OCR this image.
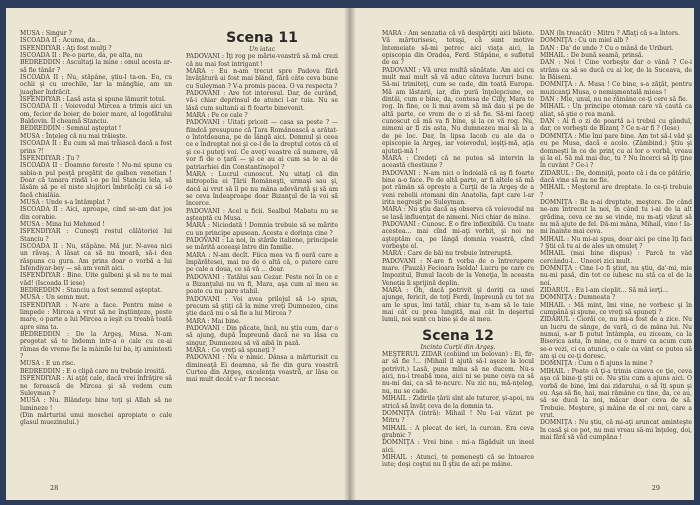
MUSA : Singur ?

ISCOADA II : Acuma, da...

ISFENDIYAR : Aţi fost mulţi ?

ISCOADA II : Pe-o parte, da, pe alta, nu

BEDREDDIN : Ascultaţi la mine : omul acesta ar-să fie tânăr ?

ISCOADA II : Nu, stăpâne, ştiu-l ta-on. Eu, cu ochii şi cu urechile, lar la mânghie, am un juagher îndrăcit.

ISFENDIYAR : Lasă asta şi spune lămurit totul.

ISCOADA II : Voievodul Mircea a trimis aici un om, fecior de boier, de boier mare, al logofătului Baldovin. Îl cheamă Stanciu.

BEDREDDIN : Semnul aşteptat !

MUSA : Înţeleg că nu mai trăieşte.

ISCOADA II : Eu cum să mai trăiască dacă a fost prins ?!

ISFENDIYAR : Ţu ?

ISCOADA II : Doamne fereste ! Nu-mi spune cu sabia-n pul pesţă pregătit de galben venetian ! Doar că tanara rindă i-o pe lui Stanciu lela, să lăsăm să pe el niste slujitori îmbrăcăţi ca să i-o facă chialâia.

MUSA : Unde s-a întâmplat ?

ISCOADA II : Aici, aproape, cind se-am dat jos din corabie.

MUSA : Mina lui Mehmed !

ISFENDIYAR : Cunoşti rostul călătoriei lui Stanciu ?

ISCOADA II : Nu, stăpâne. Mă jur. N-avea nici un răvaş. A lăsat ca să nu moară, să-i dea răspuns cu gura. Am prins doar o vorbă a lui Isfendiyar-bey — să am venit aici.

ISFENDIYAR : Bine. Uite galbeni şi să nu te mai văd! (Iscoada II iese)

BEDREDDIN : Stanciu a fost semnul aşteptat.

MUSA : Un semn mut.

ISFENDIYAR : N-are a face. Pentru mine e limpede : Mircea a vrut să ne înştiinţeze, peste mare, o parte a lui Mircea a ieşit cu treabă toată apre sina ta.

BEDREDDIN : De la Argeş, Musa. N-am pregetat să te îndemn intr-a o cale cu ce-ai rămas de vreme fie la mâinile lui ba, iţi amintesti ?

MUSA : E un risc.

BEDREDDIN : E o clipă care nu trebuie irosită.

ISFENDIYAR : Ai aţâţ cale, dacă vrei înfrăţire să ne ferească de Mircea şi să vedem cum Suleyman ?

MUSA : Nu. Blândeţe bine toţi şi Allah să ne lumineze !

(Din mărturisi unui moschei apropiate o cale glasul muezinului.)

Scena 11

Un iatac

PADOVANI : Îţi rog pe mărie-voastră să mă crezi că nu mai fost intrigant !

MARA : Eu n-am trecut spre Padova fără învăţătură ai fost mai blând, fără câte ceva bune cu Suleyman ? V-a promis pacea. O va respecta ?

PADOVANI : Are tot interesul. Dar, de curând, vă-i chiar deprinsul de atunci i-ar tuia. Nu se lăsă cum sultanii ai fi foarte binevenit.

MARA : Pe ce cale ?

PADOVANI : Uitați priceit — casa sa peste ? — fiindcă presupune că Ţara Românească a arătat-o întotdeauna, pe de lângă aici. Domnul şi ceea ce e îndreptat noi şi ce-l de la dreptul cotos că el şi ce-i puteţi voi. Ce aveţi voastre că numere, vă vor fi de o ţară — şi ce au ai cum sa le ai de patriarhiei din Constantinopol ?

MARA : Lucrul cunoscut. Nu uitaţi că din mitropolia ei Ţării Româneşti, urmaşi sau şi, dacă ai vrut să îl pe nu mâna adevărată şi să am se ceva îndeaproape doar Bizanţul de la voi să încerce.

PADOVANI : Acel u ficii. Sealbul Mabatu nu se aşteaptă cu Musa.

MARA : Niciodată ! Domnia trebuie să se mărite cu un principe apusean. Acesta e dorinţa cine ?

PADOVANI : La noi, în stările italiene, principele se mărită aceeaşi între din familie.

MARA : N-am decît. Fiica mea va fi oară care a împărătesei, mai nu de o altă că, o putere care pe cale a doua, ce să vă ... doar.

PADOVANI : Tatălui sau Cezar. Peste noi în ce e a Bizanţului nu va fi, Mara, aşa cum al meu se poate cu nu pare stabil.

PADOVANI : Voi avea prilejul să i-o spun, precum să ştiţi că la mine vreţi Dumnezeu, cine ştie dacă nu o să fie a lui Mircea ?

MARA : Mai bine.

PADOVANI : Din păcate, încă, nu ştiu cum, dar o să ajung, după împreună dacă ne va lăsa cu singur, Dumnezeu să vă aibă în pază.

MARA : Ce vreţi să spuneţi ?

PADOVANI : Nu e nimic. Dânsa a mărturisit cu dimineaţă Ei doamna, să fie din gura voastră Curtea din Argeş, excelenţa voastră, ar lăsa ce mai mult decât v-ar fi necesar.

28

MARA : Am senzatia că vă despărţiţi aici băiete. Vă mărturisesc, totuşi, că sunt motive întemeiate să-mi petrec aici viaţa aici, la episcopia din Oradea, Ferd. Stăpâne, e sufletul de ea ?

PADOVANI : Vă urez multă sănătate. Am aici cu mult mai mult să vă aduc câteva lucruri bune. Să-mi trimiteţi, cum se cade, din toată Europa. Mă am lăstarii, iar, din pură înţelepciune, eu dintâi, cum e bine, da, contesa de Cilly, Mara te rog. In fine, ce li mai avem să mă dau şi pe de altă parte, ce vrem de o zi să fie. Să-mi faceţi cunoscut că mă va fi bine, şi la ce vă rog. Nu, nimeni ar fi zis asta, Nu dumnezeu mai să ia a de pe loc. Dar, în lipsa Iacob cu ale da o episcopie la Argeş, iar voievodul, ieşiţi-mă, aţia ajutaţi-mă !

MARA : Credeţi că ne putea să intervin la această chestiune ?

PADOVANI : N-am nici o îndoială că aş fi foarte bine a-o face. Pe de altă parte, ar fi altele să mă pot rămân să opreşte a Curţii de la Argeş de a veni rebelii otomani din Anatolia, fapt care l-ar irita negreşit pe Suleyman.

MARA : Nu ştiu dacă aş observa că voievodul nu se lasă influenţat de nimeni. Nici chiar de mine.

PADOVANI : Cunosc. E o fire inflexibilă. Cu toate acestea... mai cînd mi-aţi vorbit, şi noi ne aşteptăm ca, pe lângă domnia voastră, cînd vorbeşte el.

MARA : Care de băi nu trebuie întreruptă.

PADOVANI : N-are fi vorba de o întrerupere mare. (Pauză) Fecioara Isolda! Lucru pe care cu Impozitul, Bunul Iacob de la Veneţia, în aceasta Veneţia îi sprijină deplin.

MARA : Oh, dacă potrivit şi doriţi ca unei ajunge, fericit, de toţi Ferdi, împreună cu tot nu am le spus, îmi tatăl, chiar tu, n-am să le taie mai cât cu prea lungită, mai cât în deşertul lumii, noi sunt cu bine şi de al meu.

Scena 12

Incinta Curţii din Argeş.

MEŞTERUL ZIDAR (cobiind un bolovan) : Ei, fir-ar să fie !... (Mihail il ajută să-l aşeze la locul potrivit.) Lasă, pune mîna să ne ducem. Nu-s aici, nu-i treabă mea, aici ni se pune ceva ca să nu-mi dai, ca să te-ncurc. Nu zic nu, mă-nţeleg, nu, nu se cade.

MIHAIL : Zidirile ţării sînt ale tuturor, şi-apoi, nu strică să învăţ ceva de la domnia ta.

DOMNIŢA (intră): Mihail ! Nu l-ai văzut pe Mitru ?

MIHAIL : A plecat de ieri, la curcan. Era ceva grabnic ?

DOMNIŢA : Vrei bine : mi-a făgăduit un ineel aici.

MIHAIL : Atunci, te pomeneşti că se întoarce iute; deşi coştui nu îl ştiu de azi pe mâine.

DAN (în treacăt) : Mitru ? Aflaţi că s-a întors.

DOMNIŢA : Cu un miel alb ?

DAN : Da' de unde ? Cu o mână de Uriburi.

MIHAIL : De bună seamă, prinsă.

DAN : Noi ! Cine vorbeşte dar o vână ? Ce-i strâns ca să se ducă cu ai lor, de la Suceava, de la Băiseni.

DOMNIŢA : A. Musa ! Ce bine, s-a zăţăt, pentru muzicanţi Musa, o nemişmentală mieas !

DAN : Mie, unul, nu ne rămâne ce-ţi cere să fie.

MIHAIL : Un principe otoman care vă caută ca aliat, să ştie o rea mană.

DAN : Ai fi o zi de poartă a-i trebui cu gândul, dar, ce vorbeşti de Bizanţ ? Ce n-ar fi ? (Iese)

DOMNIŢA : Mie îmi pare bine. Am tot să-l văd şi eu pe Musa, dacă e acolo. (Zâmbind.) Ştiu şi domneşti în ce de prinţ cu ai lor o vorbă, vreau şi la el. Să mă mai duc, tu ? Nu încerci să îţi ţine în cuvânt ? Ce-i ?

ZIDARUL : De, domniţă, poate că i da ce pătărie, dacă vine să nu ne fie.

MIHAIL : Meşterul are dreptate. Io ce-ţi trebuie ?

DOMNIŢA : Ba n-ai dreptate, meştere. De când ne-am întrecut la noi, în când tu i-ai de la alt grădina, ceva ce nu se vinde, nu m-aţi văzut să nu mă ajute de fel. Dă-mi mâna, Mihail, vino ! Ia-mi înainte mai ceva.

MIHAIL : Nu mi-ai spus, doar aici pe cine îţi faci ? Ştii că tu ai de ales un omuleţ ?

MIHAIL (mai bine dispus) : Parcă te văd cercându-l... Uneori zici mult.

DOMNIŢA : Cine l-o fi ştiut, nu ştiu, da'-mi, mie nu-mi pasă, din tot ce iubesc nu stă ca el de la noi.

ZIDARUL : Eu l-am cioplit... Să mă ierţi...

DOMNIŢA : Dumneata ?

MIHAIL : Mă mint, îmi vine, ne vorbesc şi în cumpănă şi spune, ce vreţi să spuneţi ?

ZIDARUL : Ciorăi ce, nu mi-a fost de a zice. Nu un lucru de sânge, de vară, ci de mâna lui. Nu numai, s-ar fi putut întâmpla, eu ziceam, ca la Biserica asta, în mine, cu o mare ca acum cum se-o vezi, ci ca atunci, o cale ca vânt ce putea să am şi cu ce-ţi doresc.

DOMNIŢA : Cum o fi ajuns la mine ?

MIHAIL : Poate că ţi-a trimis cineva ce ţie, ceva aşa că bine-ţi ştii ce. Nu ştiu cum a ajuns aici. O vorbă de bine, îmi dai zidarului, o să îţi spun şi eu. Aşa să fie, hai, mai rămâne cu tine, da, ce au, să se ducă la noi, măcar doar ceva de să. Trebuie. Meştere, şi mâine de el cu noi, care a vrut.

DOMNIŢA : Nu ştiu, că mi-aţi aruncat aminteşte în casă şi ce pot, nu mai vreau să-mi înţeleg, doi, mai fără să văd cumpăna !

29
